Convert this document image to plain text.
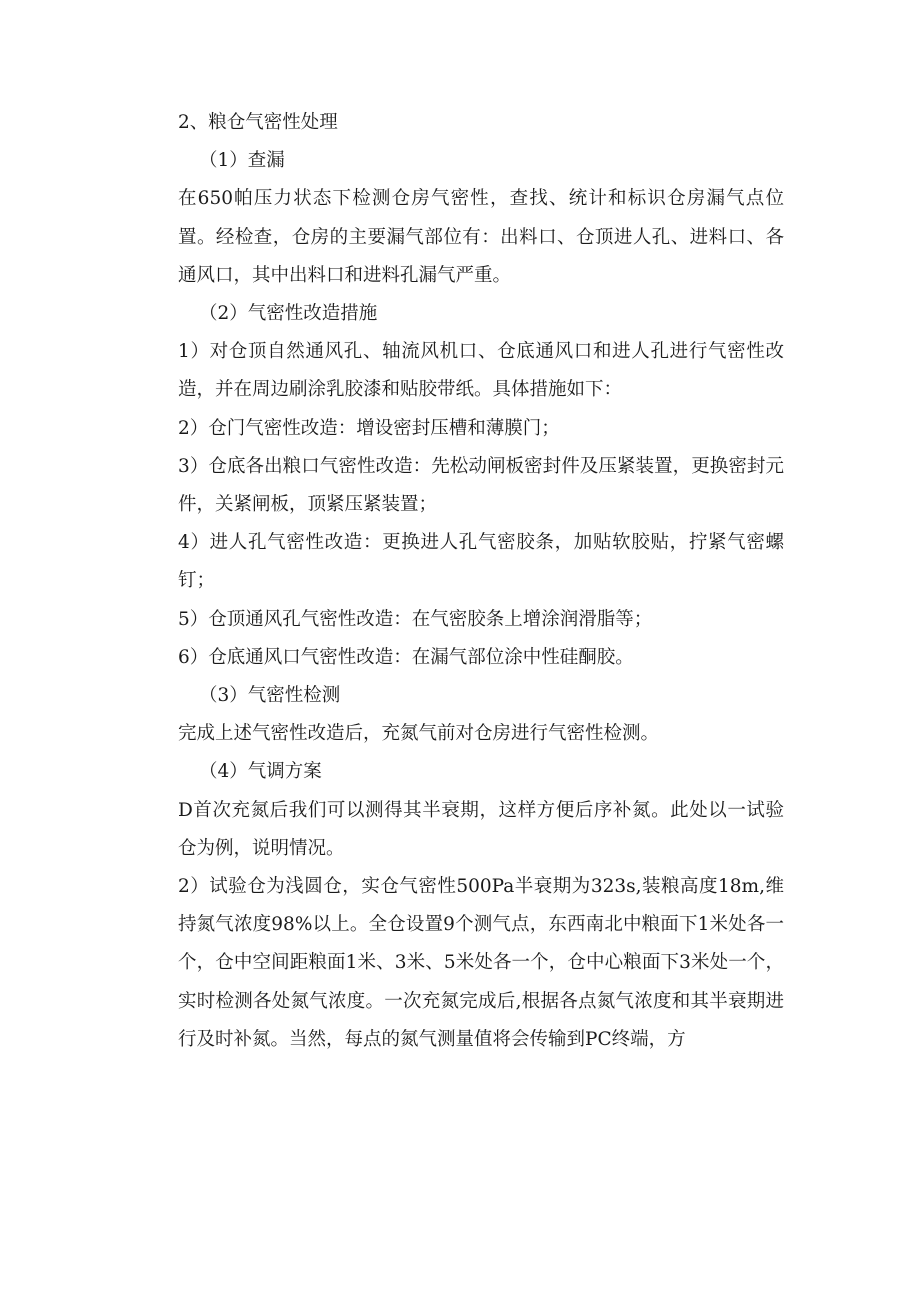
2、粮仓气密性处理

（1）查漏

在650帕压力状态下检测仓房气密性，查找、统计和标识仓房漏气点位置。经检查，仓房的主要漏气部位有：出料口、仓顶进人孔、进料口、各通风口，其中出料口和进料孔漏气严重。

（2）气密性改造措施

1）对仓顶自然通风孔、轴流风机口、仓底通风口和进人孔进行气密性改造，并在周边刷涂乳胶漆和贴胶带纸。具体措施如下：

2）仓门气密性改造：增设密封压槽和薄膜门；

3）仓底各出粮口气密性改造：先松动闸板密封件及压紧装置，更换密封元件，关紧闸板，顶紧压紧装置；

4）进人孔气密性改造：更换进人孔气密胶条，加贴软胶贴，拧紧气密螺钉；

5）仓顶通风孔气密性改造：在气密胶条上增涂润滑脂等；

6）仓底通风口气密性改造：在漏气部位涂中性硅酮胶。

（3）气密性检测

完成上述气密性改造后，充氮气前对仓房进行气密性检测。

（4）气调方案

D首次充氮后我们可以测得其半衰期，这样方便后序补氮。此处以一试验仓为例，说明情况。

2）试验仓为浅圆仓，实仓气密性500Pa半衰期为323s,装粮高度18m,维持氮气浓度98%以上。全仓设置9个测气点，东西南北中粮面下1米处各一个，仓中空间距粮面1米、3米、5米处各一个，仓中心粮面下3米处一个，实时检测各处氮气浓度。一次充氮完成后,根据各点氮气浓度和其半衰期进行及时补氮。当然，每点的氮气测量值将会传输到PC终端，方
